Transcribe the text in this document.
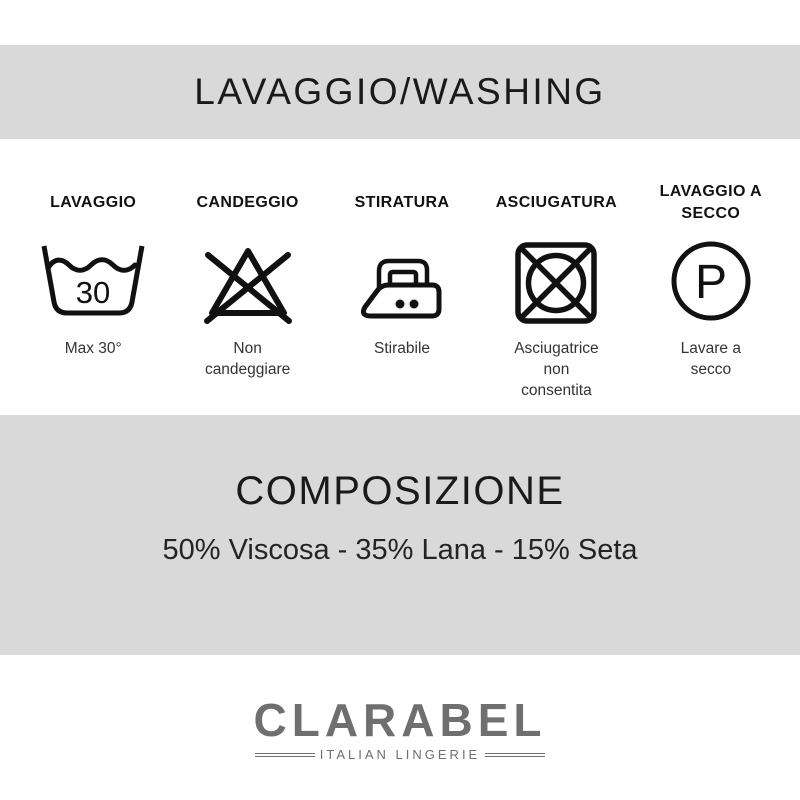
LAVAGGIO/WASHING
LAVAGGIO
30
Max 30°
CANDEGGIO
Non candeggiare
STIRATURA
Stirabile
ASCIUGATURA
Asciugatrice non consentita
LAVAGGIO A SECCO
P
Lavare a secco
COMPOSIZIONE
50% Viscosa - 35% Lana - 15% Seta
CLARABEL
ITALIAN LINGERIE
